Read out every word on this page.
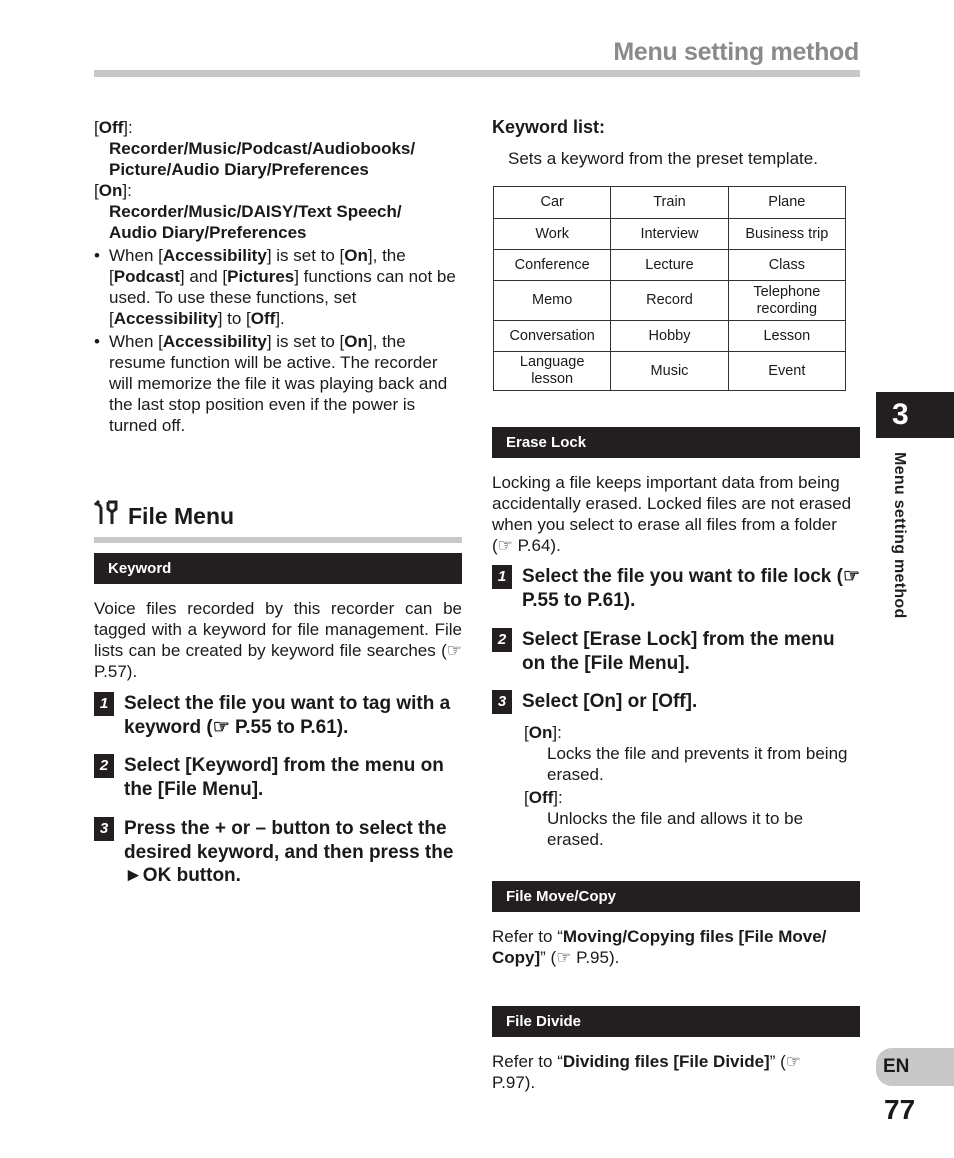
Menu setting method
[Off]:
Recorder/Music/Podcast/Audiobooks/
Picture/Audio Diary/Preferences
[On]:
Recorder/Music/DAISY/Text Speech/
Audio Diary/Preferences
• When [Accessibility] is set to [On], the [Podcast] and [Pictures] functions can not be used. To use these functions, set [Accessibility] to [Off].
• When [Accessibility] is set to [On], the resume function will be active. The recorder will memorize the file it was playing back and the last stop position even if the power is turned off.
File Menu
Keyword
Voice files recorded by this recorder can be tagged with a keyword for file management. File lists can be created by keyword file searches (☞ P.57).
1 Select the file you want to tag with a keyword (☞ P.55 to P.61).
2 Select [Keyword] from the menu on the [File Menu].
3 Press the + or – button to select the desired keyword, and then press the ►OK button.
Keyword list:
Sets a keyword from the preset template.
Car	Train	Plane
Work	Interview	Business trip
Conference	Lecture	Class
Memo	Record	Telephone recording
Conversation	Hobby	Lesson
Language lesson	Music	Event
Erase Lock
Locking a file keeps important data from being accidentally erased. Locked files are not erased when you select to erase all files from a folder (☞ P.64).
1 Select the file you want to file lock (☞ P.55 to P.61).
2 Select [Erase Lock] from the menu on the [File Menu].
3 Select [On] or [Off].
[On]:
Locks the file and prevents it from being erased.
[Off]:
Unlocks the file and allows it to be erased.
File Move/Copy
Refer to “Moving/Copying files [File Move/ Copy]” (☞ P.95).
File Divide
Refer to “Dividing files [File Divide]” (☞ P.97).
3
Menu setting method
EN
77
